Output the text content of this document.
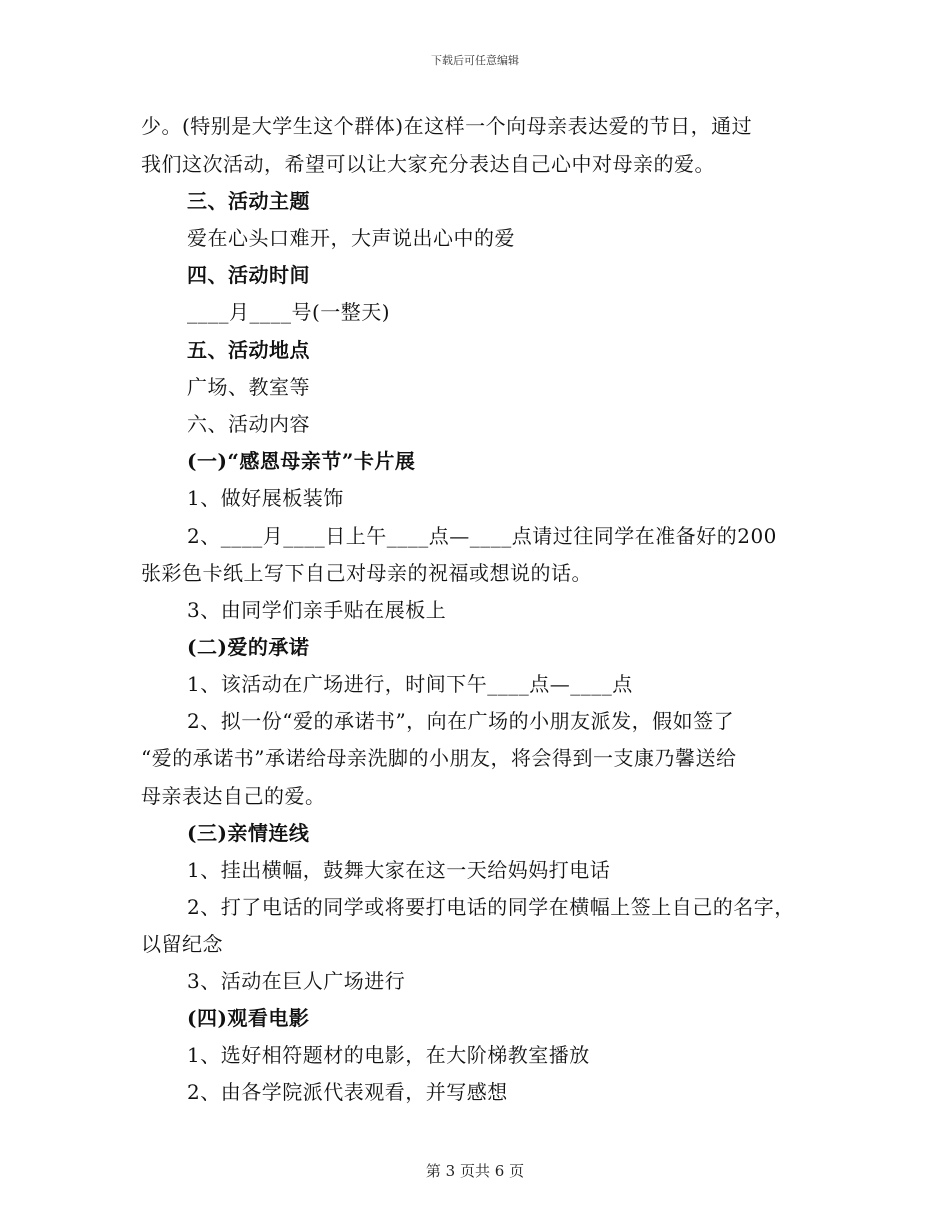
下载后可任意编辑
少。(特别是大学生这个群体)在这样一个向母亲表达爱的节日，通过
我们这次活动，希望可以让大家充分表达自己心中对母亲的爱。
三、活动主题
爱在心头口难开，大声说出心中的爱
四、活动时间
____月____号(一整天)
五、活动地点
广场、教室等
六、活动内容
(一)“感恩母亲节”卡片展
1、做好展板装饰
2、____月____日上午____点—____点请过往同学在准备好的200
张彩色卡纸上写下自己对母亲的祝福或想说的话。
3、由同学们亲手贴在展板上
(二)爱的承诺
1、该活动在广场进行，时间下午____点—____点
2、拟一份“爱的承诺书”，向在广场的小朋友派发，假如签了
“爱的承诺书”承诺给母亲洗脚的小朋友，将会得到一支康乃馨送给
母亲表达自己的爱。
(三)亲情连线
1、挂出横幅，鼓舞大家在这一天给妈妈打电话
2、打了电话的同学或将要打电话的同学在横幅上签上自己的名字，
以留纪念
3、活动在巨人广场进行
(四)观看电影
1、选好相符题材的电影，在大阶梯教室播放
2、由各学院派代表观看，并写感想
第 3 页共 6 页
